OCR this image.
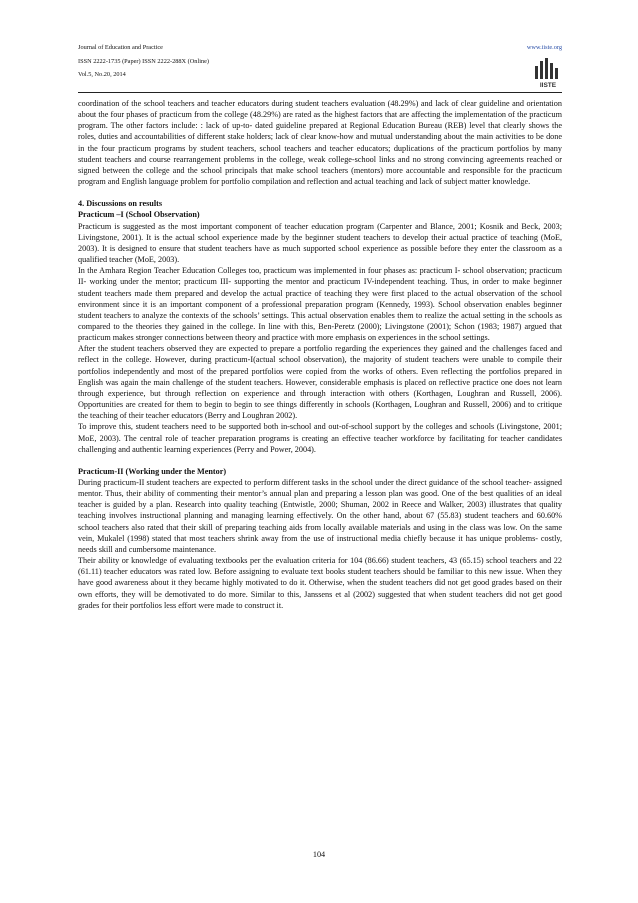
Journal of Education and Practice
ISSN 2222-1735 (Paper) ISSN 2222-288X (Online)
Vol.5, No.20, 2014
www.iiste.org
IISTE

coordination of the school teachers and teacher educators during student teachers evaluation (48.29%) and lack of clear guideline and orientation about the four phases of practicum from the college (48.29%) are rated as the highest factors that are affecting the implementation of the practicum program. The other factors include: : lack of up-to- dated guideline prepared at Regional Education Bureau (REB) level that clearly shows the roles, duties and accountabilities of different stake holders; lack of clear know-how and mutual understanding about the main activities to be done in the four practicum programs by student teachers, school teachers and teacher educators; duplications of the practicum portfolios by many student teachers and course rearrangement problems in the college, weak college-school links and no strong convincing agreements reached or signed between the college and the school principals that make school teachers (mentors) more accountable and responsible for the practicum program and English language problem for portfolio compilation and reflection and actual teaching and lack of subject matter knowledge.

4. Discussions on results
Practicum –I (School Observation)

Practicum is suggested as the most important component of teacher education program (Carpenter and Blance, 2001; Kosnik and Beck, 2003; Livingstone, 2001). It is the actual school experience made by the beginner student teachers to develop their actual practice of teaching (MoE, 2003). It is designed to ensure that student teachers have as much supported school experience as possible before they enter the classroom as a qualified teacher (MoE, 2003).

In the Amhara Region Teacher Education Colleges too, practicum was implemented in four phases as: practicum I- school observation; practicum II- working under the mentor; practicum III- supporting the mentor and practicum IV-independent teaching. Thus, in order to make beginner student teachers made them prepared and develop the actual practice of teaching they were first placed to the actual observation of the school environment since it is an important component of a professional preparation program (Kennedy, 1993). School observation enables beginner student teachers to analyze the contexts of the schools’ settings. This actual observation enables them to realize the actual setting in the schools as compared to the theories they gained in the college. In line with this, Ben-Peretz (2000); Livingstone (2001); Schon (1983; 1987) argued that practicum makes stronger connections between theory and practice with more emphasis on experiences in the school settings.

After the student teachers observed they are expected to prepare a portfolio regarding the experiences they gained and the challenges faced and reflect in the college. However, during practicum-I(actual school observation), the majority of student teachers were unable to compile their portfolios independently and most of the prepared portfolios were copied from the works of others. Even reflecting the portfolios prepared in English was again the main challenge of the student teachers. However, considerable emphasis is placed on reflective practice one does not learn through experience, but through reflection on experience and through interaction with others (Korthagen, Loughran and Russell, 2006). Opportunities are created for them to begin to begin to see things differently in schools (Korthagen, Loughran and Russell, 2006) and to critique the teaching of their teacher educators (Berry and Loughran 2002).

To improve this, student teachers need to be supported both in-school and out-of-school support by the colleges and schools (Livingstone, 2001; MoE, 2003). The central role of teacher preparation programs is creating an effective teacher workforce by facilitating for teacher candidates challenging and authentic learning experiences (Perry and Power, 2004).

Practicum-II (Working under the Mentor)

During practicum-II student teachers are expected to perform different tasks in the school under the direct guidance of the school teacher- assigned mentor. Thus, their ability of commenting their mentor’s annual plan and preparing a lesson plan was good. One of the best qualities of an ideal teacher is guided by a plan. Research into quality teaching (Entwistle, 2000; Shuman, 2002 in Reece and Walker, 2003) illustrates that quality teaching involves instructional planning and managing learning effectively. On the other hand, about 67 (55.83) student teachers and 60.60% school teachers also rated that their skill of preparing teaching aids from locally available materials and using in the class was low. On the same vein, Mukalel (1998) stated that most teachers shrink away from the use of instructional media chiefly because it has unique problems- costly, needs skill and cumbersome maintenance.

Their ability or knowledge of evaluating textbooks per the evaluation criteria for 104 (86.66) student teachers, 43 (65.15) school teachers and 22 (61.11) teacher educators was rated low. Before assigning to evaluate text books student teachers should be familiar to this new issue. When they have good awareness about it they became highly motivated to do it. Otherwise, when the student teachers did not get good grades based on their own efforts, they will be demotivated to do more. Similar to this, Janssens et al (2002) suggested that when student teachers did not get good grades for their portfolios less effort were made to construct it.

104
